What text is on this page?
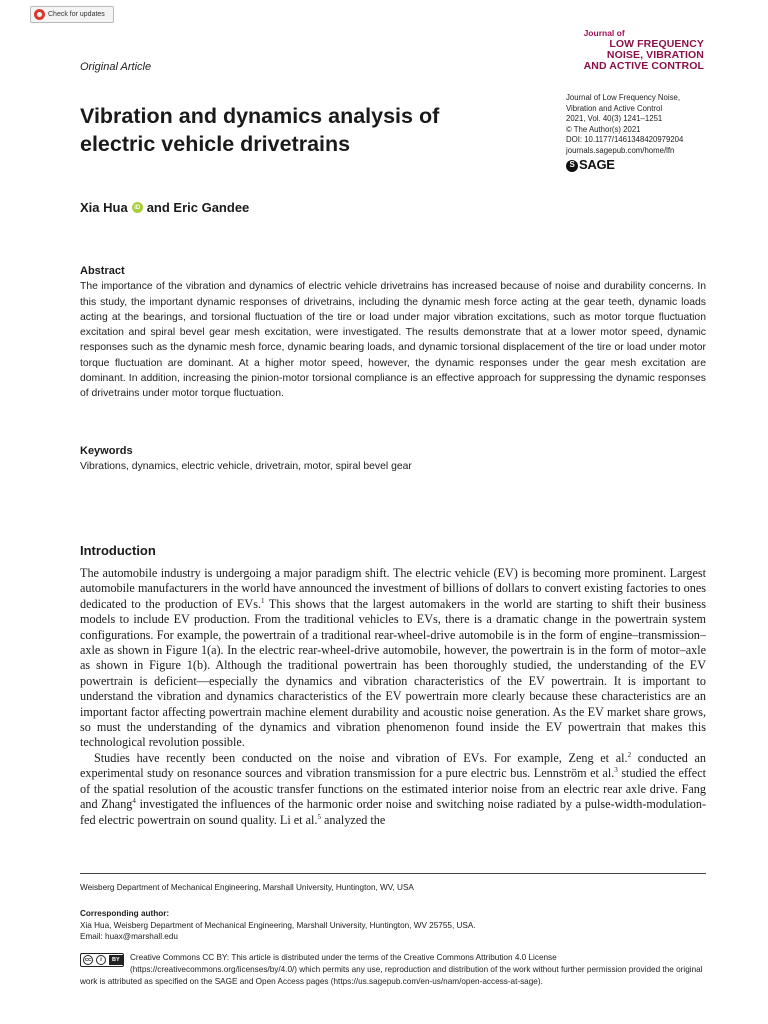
Check for updates
Original Article
Journal of
LOW FREQUENCY
NOISE, VIBRATION
AND ACTIVE CONTROL
Journal of Low Frequency Noise,
Vibration and Active Control
2021, Vol. 40(3) 1241–1251
© The Author(s) 2021
DOI: 10.1177/1461348420979204
journals.sagepub.com/home/lfn
S SAGE
Vibration and dynamics analysis of electric vehicle drivetrains
Xia Hua	iD and Eric Gandee
Abstract
The importance of the vibration and dynamics of electric vehicle drivetrains has increased because of noise and durability concerns. In this study, the important dynamic responses of drivetrains, including the dynamic mesh force acting at the gear teeth, dynamic loads acting at the bearings, and torsional fluctuation of the tire or load under major vibration excitations, such as motor torque fluctuation excitation and spiral bevel gear mesh excitation, were investigated. The results demonstrate that at a lower motor speed, dynamic responses such as the dynamic mesh force, dynamic bearing loads, and dynamic torsional displacement of the tire or load under motor torque fluctuation are dominant. At a higher motor speed, however, the dynamic responses under the gear mesh excitation are dominant. In addition, increasing the pinion-motor torsional compliance is an effective approach for suppressing the dynamic responses of drivetrains under motor torque fluctuation.
Keywords
Vibrations, dynamics, electric vehicle, drivetrain, motor, spiral bevel gear
Introduction

The automobile industry is undergoing a major paradigm shift. The electric vehicle (EV) is becoming more prominent. Largest automobile manufacturers in the world have announced the investment of billions of dollars to convert existing factories to ones dedicated to the production of EVs.$^1$ This shows that the largest automakers in the world are starting to shift their business models to include EV production. From the traditional vehicles to EVs, there is a dramatic change in the powertrain system configurations. For example, the powertrain of a traditional rear-wheel-drive automobile is in the form of engine–transmission–axle as shown in Figure 1(a). In the electric rear-wheel-drive automobile, however, the powertrain is in the form of motor–axle as shown in Figure 1(b). Although the traditional powertrain has been thoroughly studied, the understanding of the EV powertrain is deficient—especially the dynamics and vibration characteristics of the EV powertrain. It is important to understand the vibration and dynamics characteristics of the EV powertrain more clearly because these characteristics are an important factor affecting powertrain machine element durability and acoustic noise generation. As the EV market share grows, so must the understanding of the dynamics and vibration phenomenon found inside the EV powertrain that makes this technological revolution possible.

Studies have recently been conducted on the noise and vibration of EVs. For example, Zeng et al.$^2$ conducted an experimental study on resonance sources and vibration transmission for a pure electric bus. Lennström et al.$^3$ studied the effect of the spatial resolution of the acoustic transfer functions on the estimated interior noise from an electric rear axle drive. Fang and Zhang$^4$ investigated the influences of the harmonic order noise and switching noise radiated by a pulse-width-modulation-fed electric powertrain on sound quality. Li et al.$^5$ analyzed the

Weisberg Department of Mechanical Engineering, Marshall University, Huntington, WV, USA
Corresponding author:
Xia Hua, Weisberg Department of Mechanical Engineering, Marshall University, Huntington, WV 25755, USA.
Email: huax@marshall.edu
cc	i	BY	Creative Commons CC BY: This article is distributed under the terms of the Creative Commons Attribution 4.0 License (https://creativecommons.org/licenses/by/4.0/) which permits any use, reproduction and distribution of the work without further permission provided the original work is attributed as specified on the SAGE and Open Access pages (https://us.sagepub.com/en-us/nam/open-access-at-sage).
